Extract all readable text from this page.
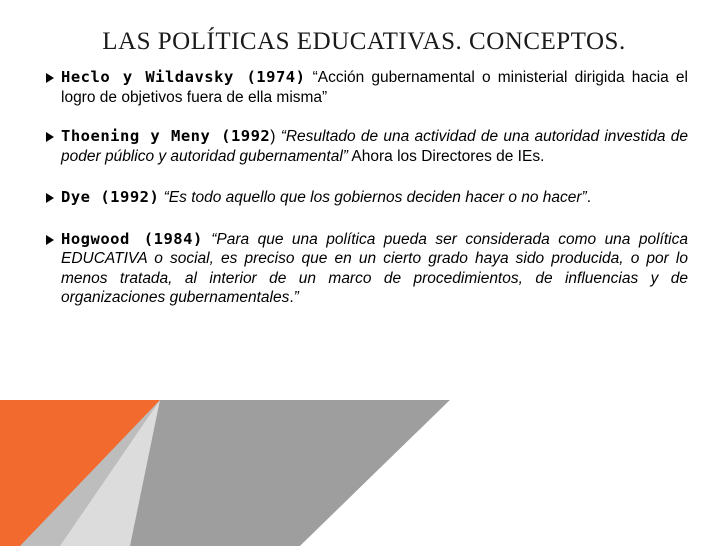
LAS POLÍTICAS EDUCATIVAS. CONCEPTOS.
Heclo y Wildavsky (1974) “Acción gubernamental o ministerial dirigida hacia el logro de objetivos fuera de ella misma”
Thoening y Meny (1992) “Resultado de una actividad de una autoridad investida de poder público y autoridad gubernamental” Ahora los Directores de IEs.
Dye (1992) “Es todo aquello que los gobiernos deciden hacer o no hacer”.
Hogwood (1984) “Para que una política pueda ser considerada como una política EDUCATIVA o social, es preciso que en un cierto grado haya sido producida, o por lo menos tratada, al interior de un marco de procedimientos, de influencias y de organizaciones gubernamentales.”
